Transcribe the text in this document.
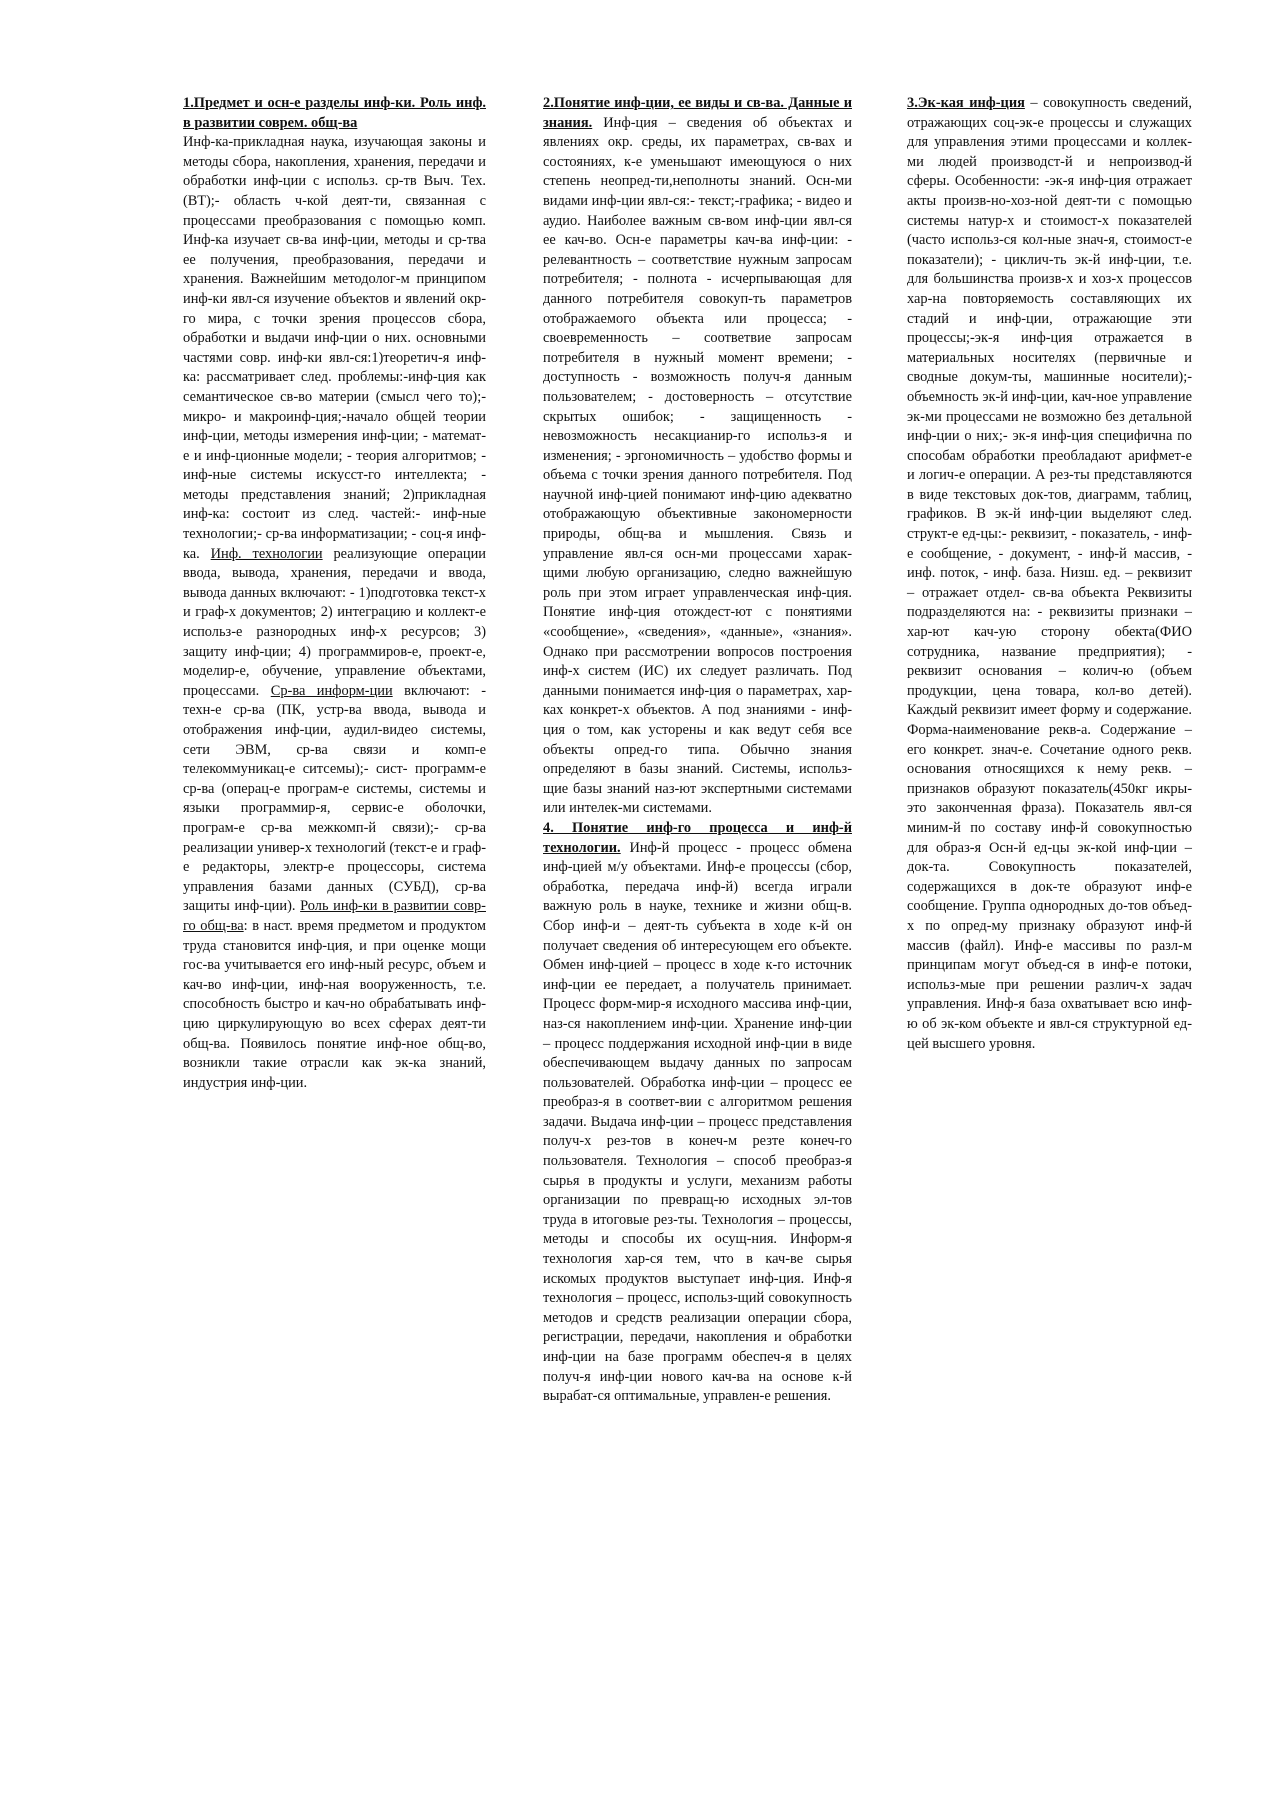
1.Предмет и осн-е разделы инф-ки. Роль инф. в развитии соврем. общ-ва
Инф-ка-прикладная наука, изучающая законы и методы сбора, накопления, хранения, передачи и обработки инф-ции с использ. ср-тв Выч. Тех.(ВТ);- область ч-кой деят-ти, связанная с процессами преобразования с помощью комп. Инф-ка изучает св-ва инф-ции, методы и ср-тва ее получения, преобразования, передачи и хранения. Важнейшим методолог-м принципом инф-ки явл-ся изучение объектов и явлений окр-го мира, с точки зрения процессов сбора, обработки и выдачи инф-ции о них. основными частями совр. инф-ки явл-ся:1)теоретич-я инф-ка: рассматривает след. проблемы:-инф-ция как семантическое св-во материи (смысл чего то);- микро- и макроинф-ция;-начало общей теории инф-ции, методы измерения инф-ции; - математ-е и инф-ционные модели; - теория алгоритмов; - инф-ные системы искусст-го интеллекта; - методы представления знаний; 2)прикладная инф-ка: состоит из след. частей:- инф-ные технологии;- ср-ва информатизации; - соц-я инф-ка. Инф. технологии реализующие операции ввода, вывода, хранения, передачи и ввода, вывода данных включают: - 1)подготовка текст-х и граф-х документов; 2) интеграцию и коллект-е использ-е разнородных инф-х ресурсов; 3) защиту инф-ции; 4) программиров-е, проект-е, моделир-е, обучение, управление объектами, процессами. Ср-ва информ-ции включают: - техн-е ср-ва (ПК, устр-ва ввода, вывода и отображения инф-ции, аудил-видео системы, сети ЭВМ, ср-ва связи и комп-е телекоммуникац-е ситсемы);- сист- программ-е ср-ва (операц-е програм-е системы, системы и языки программир-я, сервис-е оболочки, програм-е ср-ва межкомп-й связи);- ср-ва реализации универ-х технологий (текст-е и граф-е редакторы, электр-е процессоры, система управления базами данных (СУБД), ср-ва защиты инф-ции). Роль инф-ки в развитии совр-го общ-ва: в наст. время предметом и продуктом труда становится инф-ция, и при оценке мощи гос-ва учитывается его инф-ный ресурс, объем и кач-во инф-ции, инф-ная вооруженность, т.е. способность быстро и кач-но обрабатывать инф-цию циркулирующую во всех сферах деят-ти общ-ва. Появилось понятие инф-ное общ-во, возникли такие отрасли как эк-ка знаний, индустрия инф-ции.

2.Понятие инф-ции, ее виды и св-ва. Данные и знания. Инф-ция – сведения об объектах и явлениях окр. среды, их параметрах, св-вах и состояниях, к-е уменьшают имеющуюся о них степень неопред-ти,неполноты знаний. Осн-ми видами инф-ции явл-ся:- текст;-графика; - видео и аудио. Наиболее важным св-вом инф-ции явл-ся ее кач-во. Осн-е параметры кач-ва инф-ции: - релевантность – соответствие нужным запросам потребителя; - полнота - исчерпывающая для данного потребителя совокуп-ть параметров отображаемого объекта или процесса; - своевременность – соответвие запросам потребителя в нужный момент времени; - доступность - возможность получ-я данным пользователем; - достоверность – отсутствие скрытых ошибок; - защищенность - невозможность несакцианир-го использ-я и изменения; - эргономичность – удобство формы и объема с точки зрения данного потребителя. Под научной инф-цией понимают инф-цию адекватно отображающую объективные закономерности природы, общ-ва и мышления. Связь и управление явл-ся осн-ми процессами харак-щими любую организацию, следно важнейшую роль при этом играет управленческая инф-ция. Понятие инф-ция отождест-ют с понятиями «сообщение», «сведения», «данные», «знания». Однако при рассмотрении вопросов построения инф-х систем (ИС) их следует различать. Под данными понимается инф-ция о параметрах, хар-ках конкрет-х объектов. А под знаниями - инф-ция о том, как усторены и как ведут себя все объекты опред-го типа. Обычно знания определяют в базы знаний. Системы, использ-щие базы знаний наз-ют экспертными системами или интелек-ми системами.

4. Понятие инф-го процесса и инф-й технологии. Инф-й процесс - процесс обмена инф-цией м/у объектами. Инф-е процессы (сбор, обработка, передача инф-й) всегда играли важную роль в науке, технике и жизни общ-в. Сбор инф-и – деят-ть субъекта в ходе к-й он получает сведения об интересующем его объекте. Обмен инф-цией – процесс в ходе к-го источник инф-ции ее передает, а получатель принимает. Процесс форм-мир-я исходного массива инф-ции, наз-ся накоплением инф-ции. Хранение инф-ции – процесс поддержания исходной инф-ции в виде обеспечивающем выдачу данных по запросам пользователей. Обработка инф-ции – процесс ее преобраз-я в соответ-вии с алгоритмом решения задачи. Выдача инф-ции – процесс представления получ-х рез-тов в конеч-м резте конеч-го пользователя. Технология – способ преобраз-я сырья в продукты и услуги, механизм работы организации по превращ-ю исходных эл-тов труда в итоговые рез-ты. Технология – процессы, методы и способы их осущ-ния. Информ-я технология хар-ся тем, что в кач-ве сырья искомых продуктов выступает инф-ция. Инф-я технология – процесс, использ-щий совокупность методов и средств реализации операции сбора, регистрации, передачи, накопления и обработки инф-ции на базе программ обеспеч-я в целях получ-я инф-ции нового кач-ва на основе к-й вырабат-ся оптимальные, управлен-е решения.

3.Эк-кая инф-ция – совокупность сведений, отражающих соц-эк-е процессы и служащих для управления этими процессами и коллек-ми людей производст-й и непроизвод-й сферы. Особенности: -эк-я инф-ция отражает акты произв-но-хоз-ной деят-ти с помощью системы натур-х и стоимост-х показателей (часто использ-ся кол-ные знач-я, стоимост-е показатели); - циклич-ть эк-й инф-ции, т.е. для большинства произв-х и хоз-х процессов хар-на повторяемость составляющих их стадий и инф-ции, отражающие эти процессы;-эк-я инф-ция отражается в материальных носителях (первичные и сводные докум-ты, машинные носители);- объемность эк-й инф-ции, кач-ное управление эк-ми процессами не возможно без детальной инф-ции о них;- эк-я инф-ция специфична по способам обработки преобладают арифмет-е и логич-е операции. А рез-ты представляются в виде текстовых док-тов, диаграмм, таблиц, графиков. В эк-й инф-ции выделяют след. структ-е ед-цы:- реквизит, - показатель, - инф-е сообщение, - документ, - инф-й массив, - инф. поток, - инф. база. Низш. ед. – реквизит – отражает отдел- св-ва объекта Реквизиты подразделяются на: - реквизиты признаки – хар-ют кач-ую сторону обекта(ФИО сотрудника, название предприятия); - реквизит основания – колич-ю (объем продукции, цена товара, кол-во детей). Каждый реквизит имеет форму и содержание. Форма-наименование рекв-а. Содержание – его конкрет. знач-е. Сочетание одного рекв. основания относящихся к нему рекв. – признаков образуют показатель(450кг икры-это законченная фраза). Показатель явл-ся миним-й по составу инф-й совокупностью для образ-я Осн-й ед-цы эк-кой инф-ции – док-та. Совокупность показателей, содержащихся в док-те образуют инф-е сообщение. Группа однородных до-тов объед-х по опред-му признаку образуют инф-й массив (файл). Инф-е массивы по разл-м принципам могут объед-ся в инф-е потоки, использ-мые при решении различ-х задач управления. Инф-я база охватывает всю инф-ю об эк-ком объекте и явл-ся структурной ед-цей высшего уровня.
